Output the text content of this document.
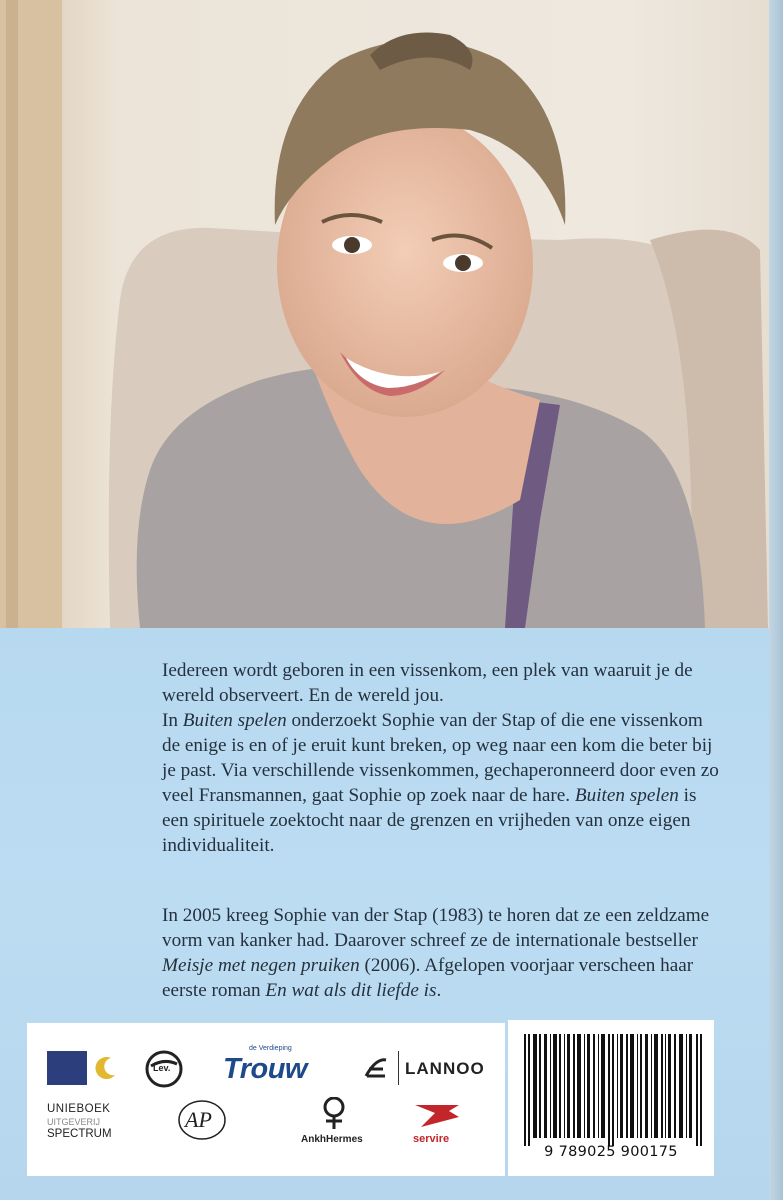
Iedereen wordt geboren in een vissenkom, een plek van waaruit je de wereld observeert. En de wereld jou.
In Buiten spelen onderzoekt Sophie van der Stap of die ene vissenkom de enige is en of je eruit kunt breken, op weg naar een kom die beter bij je past. Via verschillende vissenkommen, gechaperonneerd door even zo veel Fransmannen, gaat Sophie op zoek naar de hare. Buiten spelen is een spirituele zoektocht naar de grenzen en vrijheden van onze eigen individualiteit.

In 2005 kreeg Sophie van der Stap (1983) te horen dat ze een zeldzame vorm van kanker had. Daarover schreef ze de internationale bestseller Meisje met negen pruiken (2006). Afgelopen voorjaar verscheen haar eerste roman En wat als dit liefde is.

Lev.
de Verdieping
Trouw	LANNOO
UNIEBOEK
UITGEVERIJ
SPECTRUM
AP
AnkhHermes	servire
9 789025 900175
